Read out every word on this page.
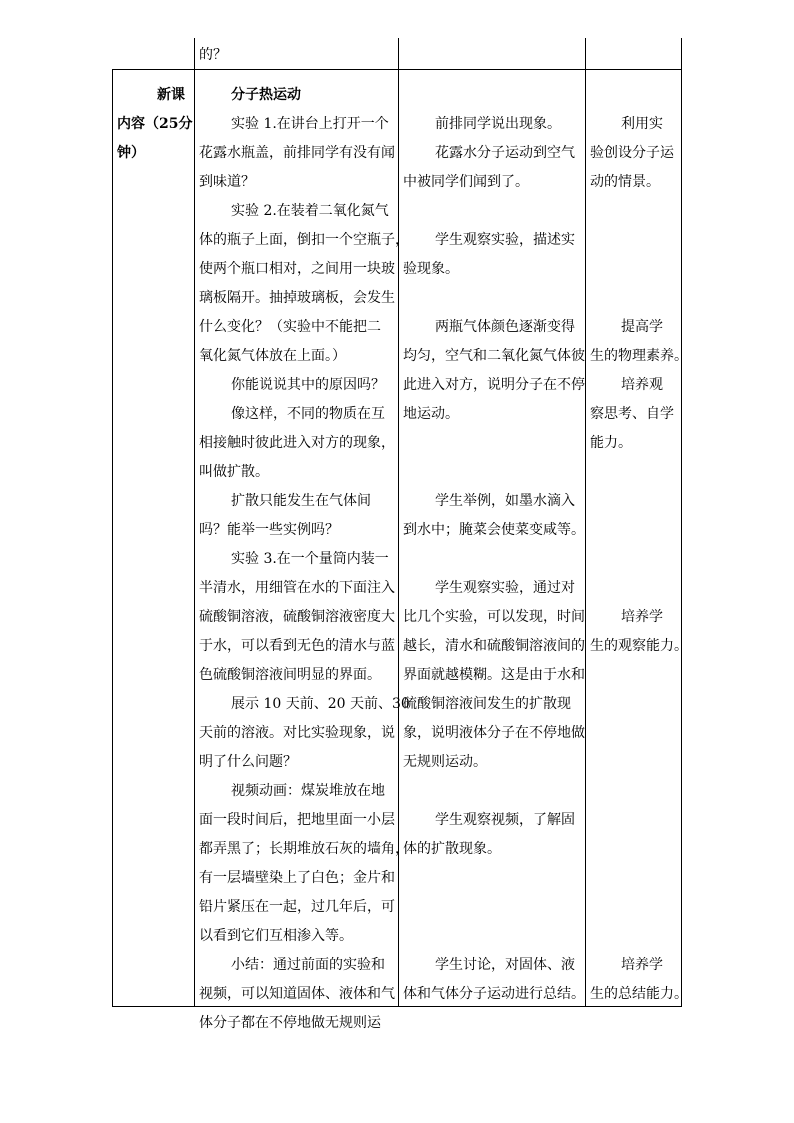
的？
新课
内容（25分
钟）
分子热运动
实验 1.在讲台上打开一个
花露水瓶盖，前排同学有没有闻
到味道？
实验 2.在装着二氧化氮气
体的瓶子上面，倒扣一个空瓶子，
使两个瓶口相对，之间用一块玻
璃板隔开。抽掉玻璃板，会发生
什么变化？（实验中不能把二
氧化氮气体放在上面。）
你能说说其中的原因吗？
像这样，不同的物质在互
相接触时彼此进入对方的现象，
叫做扩散。
扩散只能发生在气体间
吗？能举一些实例吗？
实验 3.在一个量筒内装一
半清水，用细管在水的下面注入
硫酸铜溶液，硫酸铜溶液密度大
于水，可以看到无色的清水与蓝
色硫酸铜溶液间明显的界面。
展示 10 天前、20 天前、30
天前的溶液。对比实验现象，说
明了什么问题？
视频动画：煤炭堆放在地
面一段时间后，把地里面一小层
都弄黑了；长期堆放石灰的墙角，
有一层墙壁染上了白色；金片和
铅片紧压在一起，过几年后，可
以看到它们互相渗入等。
小结：通过前面的实验和
视频，可以知道固体、液体和气
体分子都在不停地做无规则运
前排同学说出现象。
花露水分子运动到空气
中被同学们闻到了。
学生观察实验，描述实
验现象。
两瓶气体颜色逐渐变得
均匀，空气和二氧化氮气体彼
此进入对方，说明分子在不停
地运动。
学生举例，如墨水滴入
到水中；腌菜会使菜变咸等。
学生观察实验，通过对
比几个实验，可以发现，时间
越长，清水和硫酸铜溶液间的
界面就越模糊。这是由于水和
硫酸铜溶液间发生的扩散现
象，说明液体分子在不停地做
无规则运动。
学生观察视频，了解固
体的扩散现象。
学生讨论，对固体、液
体和气体分子运动进行总结。
利用实
验创设分子运
动的情景。
提高学
生的物理素养。
培养观
察思考、自学
能力。
培养学
生的观察能力。
培养学
生的总结能力。
